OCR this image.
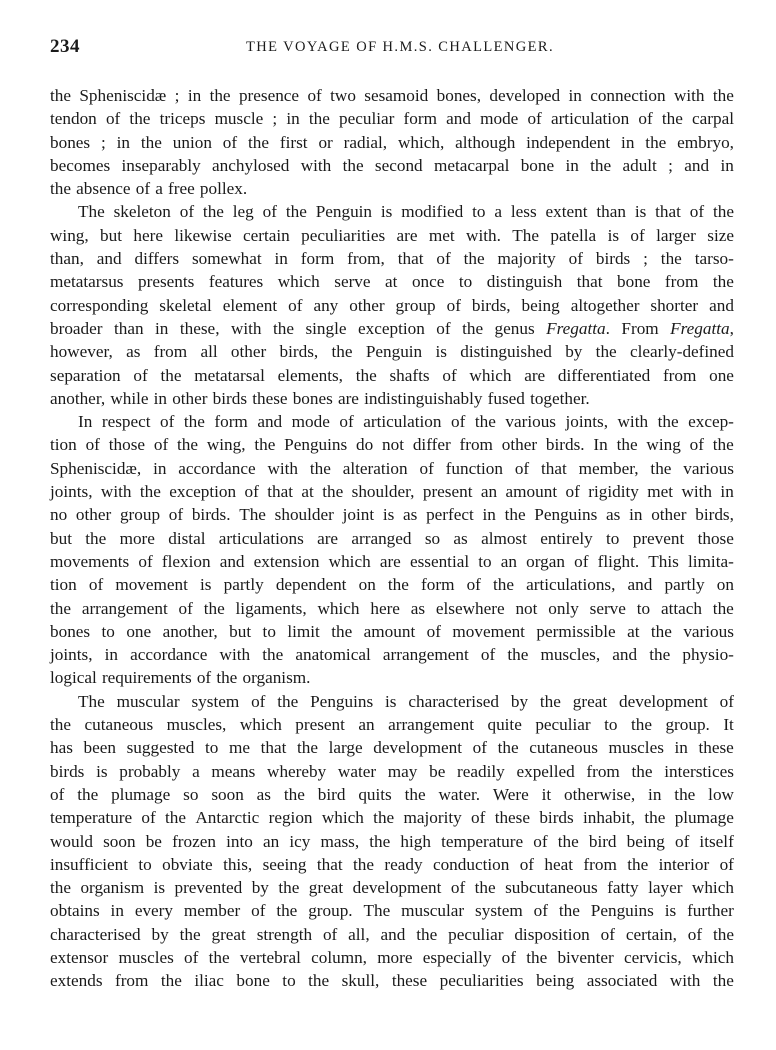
234	THE VOYAGE OF H.M.S. CHALLENGER.
the Spheniscidæ ; in the presence of two sesamoid bones, developed in connection with the
tendon of the triceps muscle ; in the peculiar form and mode of articulation of the carpal
bones ; in the union of the first or radial, which, although independent in the embryo,
becomes inseparably anchylosed with the second metacarpal bone in the adult ; and in
the absence of a free pollex.
The skeleton of the leg of the Penguin is modified to a less extent than is that of the
wing, but here likewise certain peculiarities are met with. The patella is of larger size
than, and differs somewhat in form from, that of the majority of birds ; the tarso-
metatarsus presents features which serve at once to distinguish that bone from the
corresponding skeletal element of any other group of birds, being altogether shorter and
broader than in these, with the single exception of the genus Fregatta. From Fregatta,
however, as from all other birds, the Penguin is distinguished by the clearly-defined
separation of the metatarsal elements, the shafts of which are differentiated from one
another, while in other birds these bones are indistinguishably fused together.
In respect of the form and mode of articulation of the various joints, with the excep-
tion of those of the wing, the Penguins do not differ from other birds. In the wing of the
Spheniscidæ, in accordance with the alteration of function of that member, the various
joints, with the exception of that at the shoulder, present an amount of rigidity met with in
no other group of birds. The shoulder joint is as perfect in the Penguins as in other birds,
but the more distal articulations are arranged so as almost entirely to prevent those
movements of flexion and extension which are essential to an organ of flight. This limita-
tion of movement is partly dependent on the form of the articulations, and partly on
the arrangement of the ligaments, which here as elsewhere not only serve to attach the
bones to one another, but to limit the amount of movement permissible at the various
joints, in accordance with the anatomical arrangement of the muscles, and the physio-
logical requirements of the organism.
The muscular system of the Penguins is characterised by the great development of
the cutaneous muscles, which present an arrangement quite peculiar to the group. It
has been suggested to me that the large development of the cutaneous muscles in these
birds is probably a means whereby water may be readily expelled from the interstices
of the plumage so soon as the bird quits the water. Were it otherwise, in the low
temperature of the Antarctic region which the majority of these birds inhabit, the plumage
would soon be frozen into an icy mass, the high temperature of the bird being of itself
insufficient to obviate this, seeing that the ready conduction of heat from the interior of
the organism is prevented by the great development of the subcutaneous fatty layer which
obtains in every member of the group. The muscular system of the Penguins is further
characterised by the great strength of all, and the peculiar disposition of certain, of the
extensor muscles of the vertebral column, more especially of the biventer cervicis, which
extends from the iliac bone to the skull, these peculiarities being associated with the
